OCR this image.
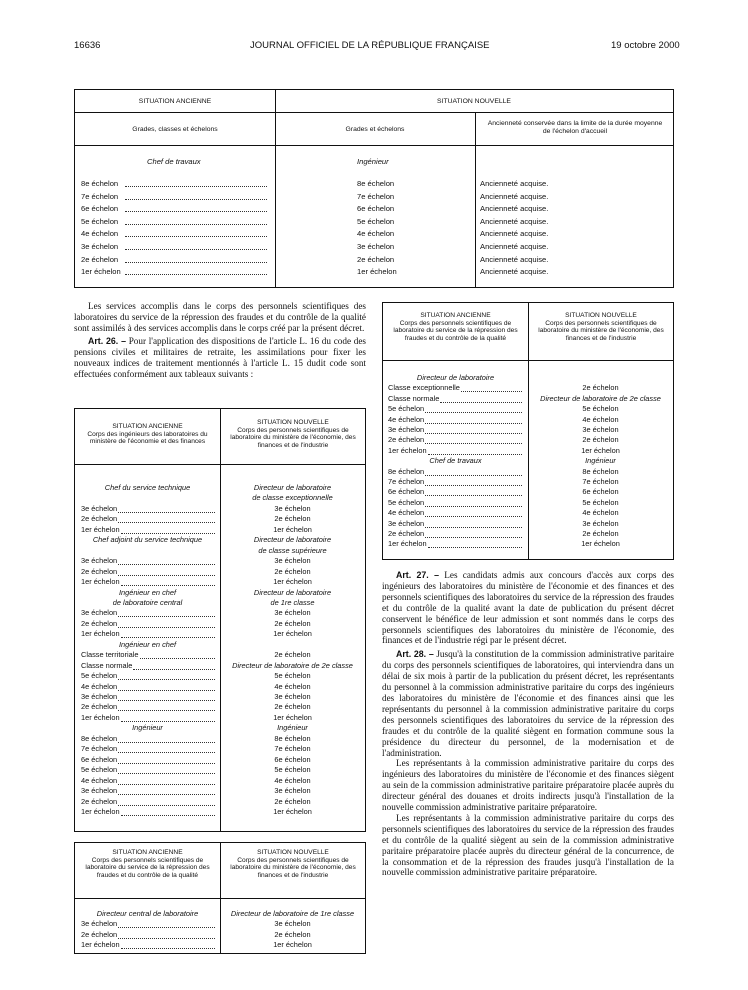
16636	JOURNAL OFFICIEL DE LA RÉPUBLIQUE FRANÇAISE	19 octobre 2000
SITUATION ANCIENNE	SITUATION NOUVELLE
Grades, classes et échelons	Grades et échelons
Ancienneté conservée dans la limite de la durée moyenne de l'échelon d'accueil
Chef de travaux	Ingénieur
8e échelon	8e échelon	Ancienneté acquise.
7e échelon	7e échelon	Ancienneté acquise.
6e échelon	6e échelon	Ancienneté acquise.
5e échelon	5e échelon	Ancienneté acquise.
4e échelon	4e échelon	Ancienneté acquise.
3e échelon	3e échelon	Ancienneté acquise.
2e échelon	2e échelon	Ancienneté acquise.
1er échelon	1er échelon	Ancienneté acquise.
Les services accomplis dans le corps des personnels scientifiques des laboratoires du service de la répression des fraudes et du contrôle de la qualité sont assimilés à des services accomplis dans le corps créé par la présent décret.
Art. 26. – Pour l'application des dispositions de l'article L. 16 du code des pensions civiles et militaires de retraite, les assimilations pour fixer les nouveaux indices de traitement mentionnés à l'article L. 15 dudit code sont effectuées conformément aux tableaux suivants :
SITUATION ANCIENNE
Corps des ingénieurs des laboratoires du ministère de l'économie et des finances
SITUATION NOUVELLE
Corps des personnels scientifiques de laboratoire du ministère de l'économie, des finances et de l'industrie
Chef du service technique	Directeur de laboratoire
de classe exceptionnelle
3e échelon	3e échelon
2e échelon	2e échelon
1er échelon	1er échelon
Chef adjoint du service technique	Directeur de laboratoire
de classe supérieure
3e échelon	3e échelon
2e échelon	2e échelon
1er échelon	1er échelon
Ingénieur en chef	Directeur de laboratoire
de laboratoire central	de 1re classe
3e échelon	3e échelon
2e échelon	2e échelon
1er échelon	1er échelon
Ingénieur en chef
Classe territoriale	2e échelon
Classe normale	Directeur de laboratoire de 2e classe
5e échelon	5e échelon
4e échelon	4e échelon
3e échelon	3e échelon
2e échelon	2e échelon
1er échelon	1er échelon
Ingénieur	Ingénieur
8e échelon	8e échelon
7e échelon	7e échelon
6e échelon	6e échelon
5e échelon	5e échelon
4e échelon	4e échelon
3e échelon	3e échelon
2e échelon	2e échelon
1er échelon	1er échelon
SITUATION ANCIENNE
Corps des personnels scientifiques de laboratoire du service de la répression des fraudes et du contrôle de la qualité
SITUATION NOUVELLE
Corps des personnels scientifiques de laboratoire du ministère de l'économie, des finances et de l'industrie
Directeur central de laboratoire	Directeur de laboratoire de 1re classe
3e échelon	3e échelon
2e échelon	2e échelon
1er échelon	1er échelon
SITUATION ANCIENNE
Corps des personnels scientifiques de laboratoire du service de la répression des fraudes et du contrôle de la qualité
SITUATION NOUVELLE
Corps des personnels scientifiques de laboratoire du ministère de l'économie, des finances et de l'industrie
Directeur de laboratoire
Classe exceptionnelle	2e échelon
Classe normale	Directeur de laboratoire de 2e classe
5e échelon	5e échelon
4e échelon	4e échelon
3e échelon	3e échelon
2e échelon	2e échelon
1er échelon	1er échelon
Chef de travaux	Ingénieur
8e échelon	8e échelon
7e échelon	7e échelon
6e échelon	6e échelon
5e échelon	5e échelon
4e échelon	4e échelon
3e échelon	3e échelon
2e échelon	2e échelon
1er échelon	1er échelon
Art. 27. – Les candidats admis aux concours d'accès aux corps des ingénieurs des laboratoires du ministère de l'économie et des finances et des personnels scientifiques des laboratoires du service de la répression des fraudes et du contrôle de la qualité avant la date de publication du présent décret conservent le bénéfice de leur admission et sont nommés dans le corps des personnels scientifiques des laboratoires du ministère de l'économie, des finances et de l'industrie régi par le présent décret.
Art. 28. – Jusqu'à la constitution de la commission administrative paritaire du corps des personnels scientifiques de laboratoires, qui interviendra dans un délai de six mois à partir de la publication du présent décret, les représentants du personnel à la commission administrative paritaire du corps des ingénieurs des laboratoires du ministère de l'économie et des finances ainsi que les représentants du personnel à la commission administrative paritaire du corps des personnels scientifiques des laboratoires du service de la répression des fraudes et du contrôle de la qualité siègent en formation commune sous la présidence du directeur du personnel, de la modernisation et de l'administration.
Les représentants à la commission administrative paritaire du corps des ingénieurs des laboratoires du ministère de l'économie et des finances siègent au sein de la commission administrative paritaire préparatoire placée auprès du directeur général des douanes et droits indirects jusqu'à l'installation de la nouvelle commission administrative paritaire préparatoire.
Les représentants à la commission administrative paritaire du corps des personnels scientifiques des laboratoires du service de la répression des fraudes et du contrôle de la qualité siègent au sein de la commission administrative paritaire préparatoire placée auprès du directeur général de la concurrence, de la consommation et de la répression des fraudes jusqu'à l'installation de la nouvelle commission administrative paritaire préparatoire.
